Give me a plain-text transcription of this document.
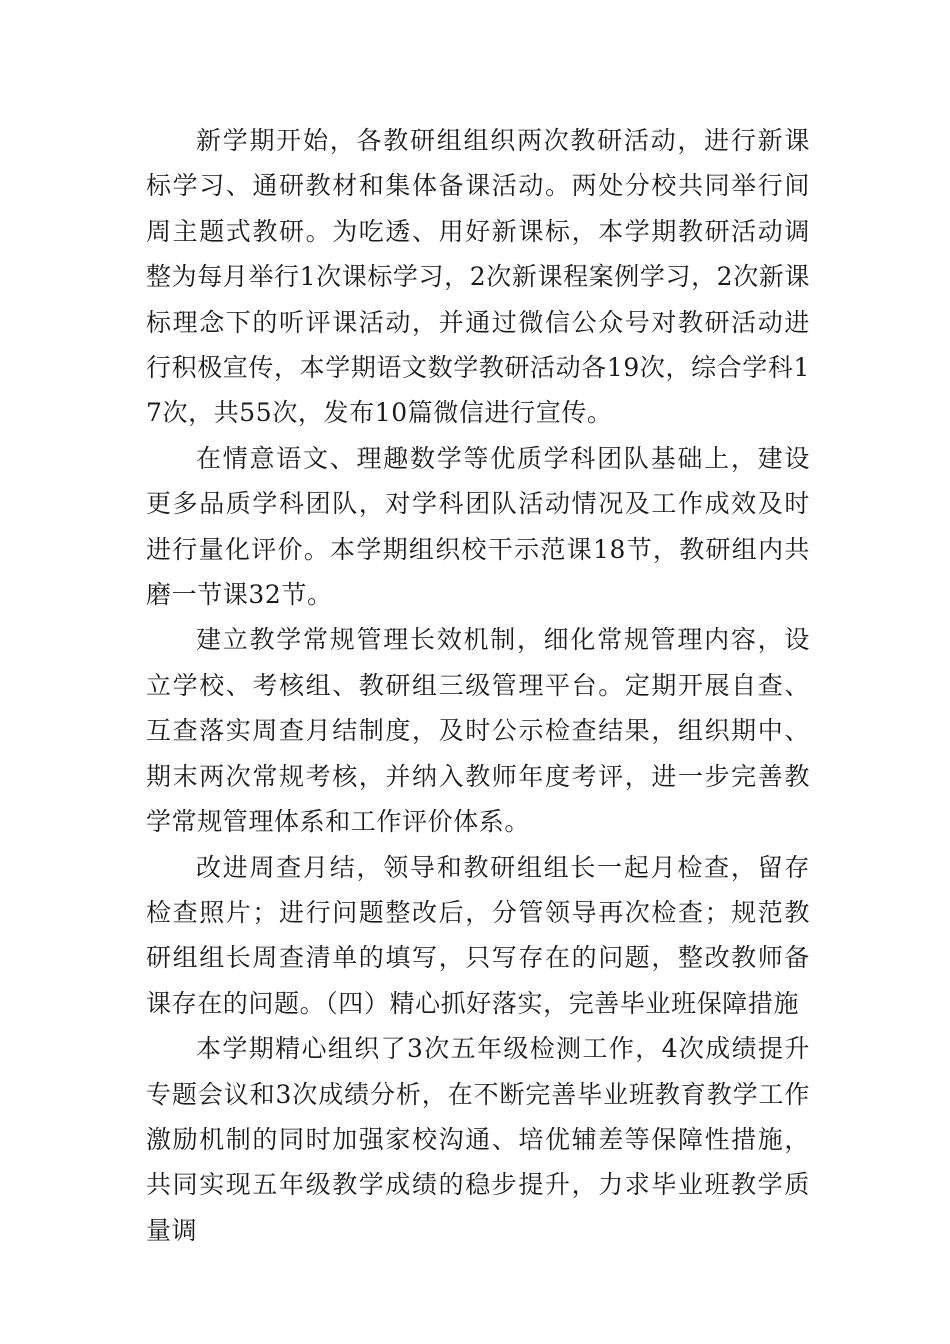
新学期开始，各教研组组织两次教研活动，进行新课标学习、通研教材和集体备课活动。两处分校共同举行间周主题式教研。为吃透、用好新课标，本学期教研活动调整为每月举行1次课标学习，2次新课程案例学习，2次新课标理念下的听评课活动，并通过微信公众号对教研活动进行积极宣传，本学期语文数学教研活动各19次，综合学科17次，共55次，发布10篇微信进行宣传。

在情意语文、理趣数学等优质学科团队基础上，建设更多品质学科团队，对学科团队活动情况及工作成效及时进行量化评价。本学期组织校干示范课18节，教研组内共磨一节课32节。

建立教学常规管理长效机制，细化常规管理内容，设立学校、考核组、教研组三级管理平台。定期开展自查、互查落实周查月结制度，及时公示检查结果，组织期中、期末两次常规考核，并纳入教师年度考评，进一步完善教学常规管理体系和工作评价体系。

改进周查月结，领导和教研组组长一起月检查，留存检查照片；进行问题整改后，分管领导再次检查；规范教研组组长周查清单的填写，只写存在的问题，整改教师备课存在的问题。（四）精心抓好落实，完善毕业班保障措施

本学期精心组织了3次五年级检测工作，4次成绩提升专题会议和3次成绩分析，在不断完善毕业班教育教学工作激励机制的同时加强家校沟通、培优辅差等保障性措施，共同实现五年级教学成绩的稳步提升，力求毕业班教学质量调
